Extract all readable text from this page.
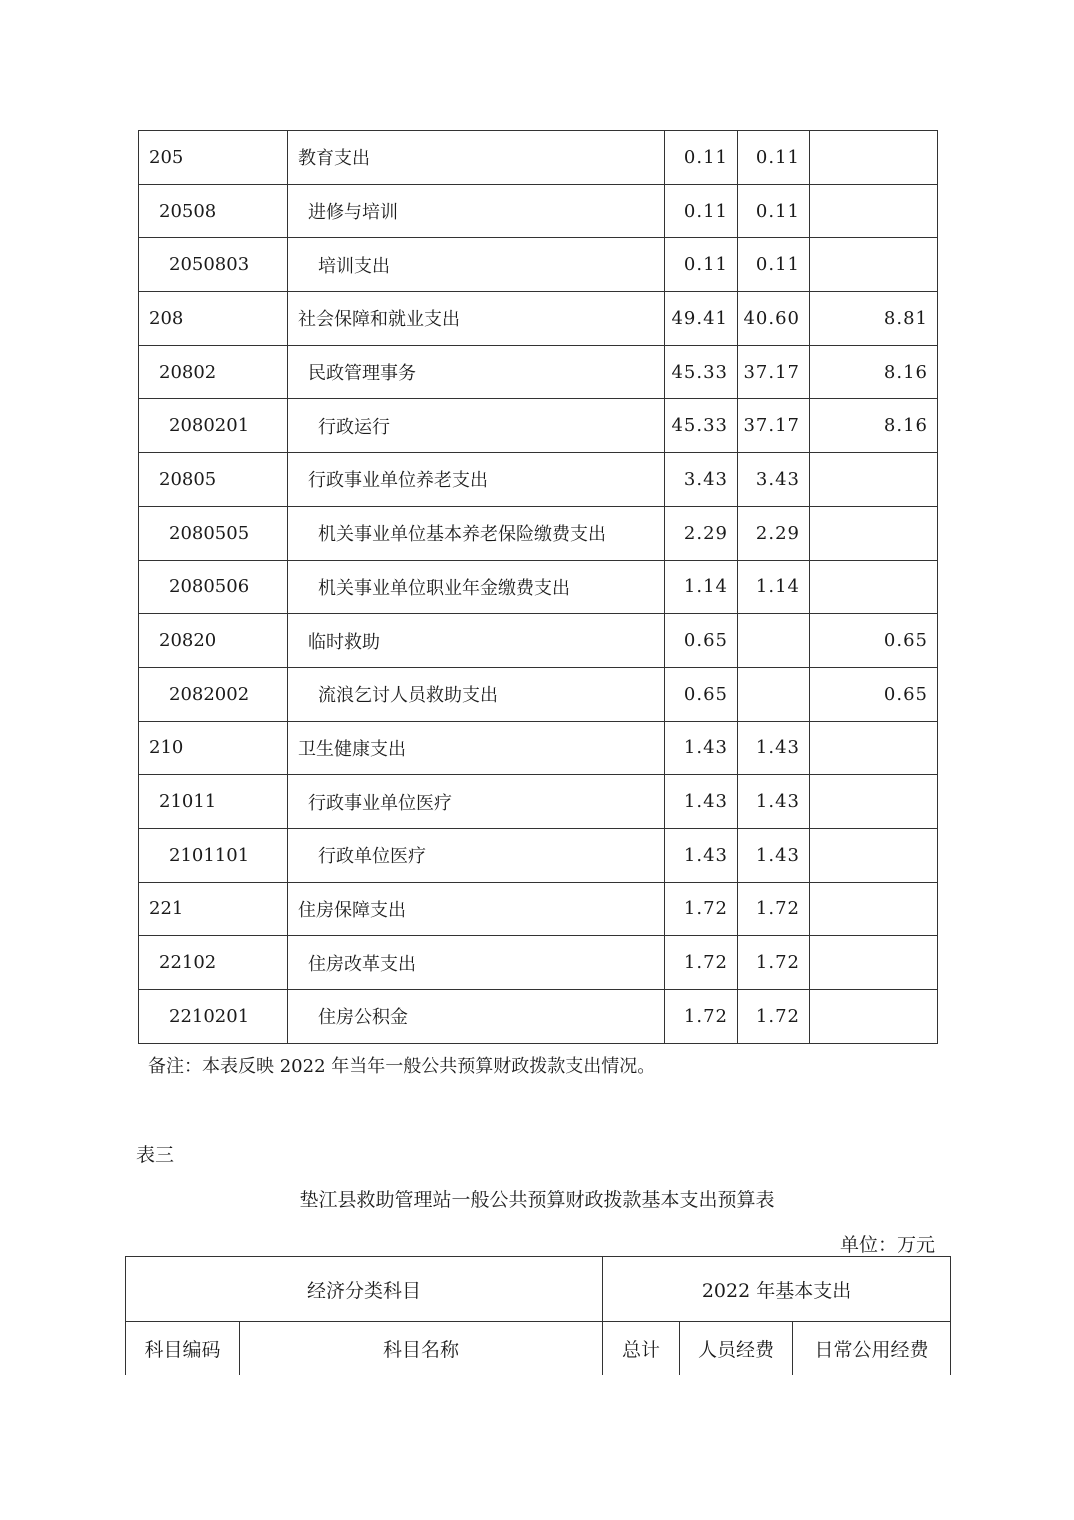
205	教育支出	0.11	0.11	
20508	进修与培训	0.11	0.11	
2050803	培训支出	0.11	0.11	
208	社会保障和就业支出	49.41	40.60	8.81
20802	民政管理事务	45.33	37.17	8.16
2080201	行政运行	45.33	37.17	8.16
20805	行政事业单位养老支出	3.43	3.43	
2080505	机关事业单位基本养老保险缴费支出	2.29	2.29	
2080506	机关事业单位职业年金缴费支出	1.14	1.14	
20820	临时救助	0.65		0.65
2082002	流浪乞讨人员救助支出	0.65		0.65
210	卫生健康支出	1.43	1.43	
21011	行政事业单位医疗	1.43	1.43	
2101101	行政单位医疗	1.43	1.43	
221	住房保障支出	1.72	1.72	
22102	住房改革支出	1.72	1.72	
2210201	住房公积金	1.72	1.72	
备注：本表反映 2022 年当年一般公共预算财政拨款支出情况。
表三
垫江县救助管理站一般公共预算财政拨款基本支出预算表
单位：万元
经济分类科目		2022 年基本支出		
科目编码	科目名称	总计	人员经费	日常公用经费
